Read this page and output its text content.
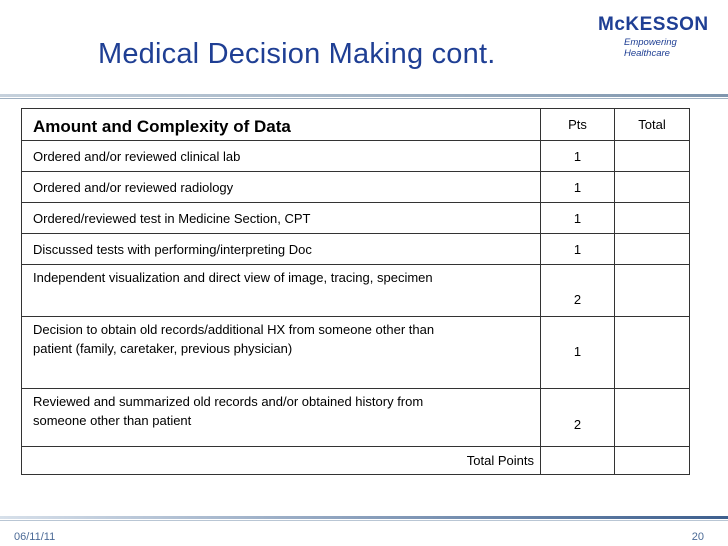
Medical Decision Making cont.
McKESSON
Empowering Healthcare
Amount and Complexity of Data	Pts	Total
Ordered and/or reviewed clinical lab	1	
Ordered and/or reviewed radiology	1	
Ordered/reviewed test in Medicine Section, CPT	1	
Discussed tests with performing/interpreting Doc	1	
Independent visualization and direct view of image, tracing, specimen	2	

Decision to obtain old records/additional HX from someone other than
patient (family, caretaker, previous physician)	1	

Reviewed and summarized old records and/or obtained history from
someone other than patient	2	
Total Points		
06/11/11	20
